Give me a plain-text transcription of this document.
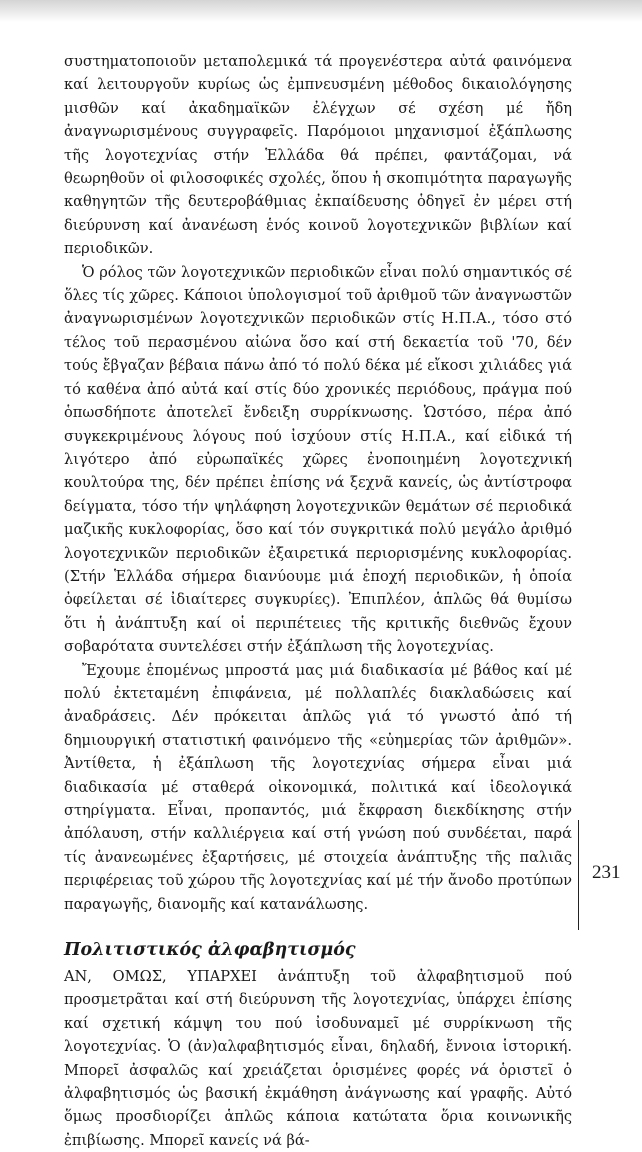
συστηματοποιοῦν μεταπολεμικά τά προγενέστερα αὐτά φαινόμενα καί λειτουργοῦν κυρίως ὡς ἐμπνευσμένη μέθοδος δικαιολόγησης μισθῶν καί ἀκαδημαϊκῶν ἐλέγχων σέ σχέση μέ ἤδη ἀναγνωρισμένους συγγραφεῖς. Παρόμοιοι μηχανισμοί ἐξάπλωσης τῆς λογοτεχνίας στήν Ἑλλάδα θά πρέπει, φαντάζομαι, νά θεωρηθοῦν οἱ φιλοσοφικές σχολές, ὅπου ἡ σκοπιμότητα παραγωγῆς καθηγητῶν τῆς δευτεροβάθμιας ἐκπαίδευσης ὁδηγεῖ ἐν μέρει στή διεύρυνση καί ἀνανέωση ἑνός κοινοῦ λογοτεχνικῶν βιβλίων καί περιοδικῶν.

Ὁ ρόλος τῶν λογοτεχνικῶν περιοδικῶν εἶναι πολύ σημαντικός σέ ὅλες τίς χῶρες. Κάποιοι ὑπολογισμοί τοῦ ἀριθμοῦ τῶν ἀναγνωστῶν ἀναγνωρισμένων λογοτεχνικῶν περιοδικῶν στίς Η.Π.Α., τόσο στό τέλος τοῦ περασμένου αἰώνα ὅσο καί στή δεκαετία τοῦ '70, δέν τούς ἔβγαζαν βέβαια πάνω ἀπό τό πολύ δέκα μέ εἴκοσι χιλιάδες γιά τό καθένα ἀπό αὐτά καί στίς δύο χρονικές περιόδους, πράγμα πού ὁπωσδήποτε ἀποτελεῖ ἔνδειξη συρρίκνωσης. Ὡστόσο, πέρα ἀπό συγκεκριμένους λόγους πού ἰσχύουν στίς Η.Π.Α., καί εἰδικά τή λιγότερο ἀπό εὐρωπαϊκές χῶρες ἐνοποιημένη λογοτεχνική κουλτούρα της, δέν πρέπει ἐπίσης νά ξεχνᾶ κανείς, ὡς ἀντίστροφα δείγματα, τόσο τήν ψηλάφηση λογοτεχνικῶν θεμάτων σέ περιοδικά μαζικῆς κυκλοφορίας, ὅσο καί τόν συγκριτικά πολύ μεγάλο ἀριθμό λογοτεχνικῶν περιοδικῶν ἐξαιρετικά περιορισμένης κυκλοφορίας. (Στήν Ἑλλάδα σήμερα διανύουμε μιά ἐποχή περιοδικῶν, ἡ ὁποία ὀφείλεται σέ ἰδιαίτερες συγκυρίες). Ἐπιπλέον, ἁπλῶς θά θυμίσω ὅτι ἡ ἀνάπτυξη καί οἱ περιπέτειες τῆς κριτικῆς διεθνῶς ἔχουν σοβαρότατα συντελέσει στήν ἐξάπλωση τῆς λογοτεχνίας.

Ἔχουμε ἑπομένως μπροστά μας μιά διαδικασία μέ βάθος καί μέ πολύ ἐκτεταμένη ἐπιφάνεια, μέ πολλαπλές διακλαδώσεις καί ἀναδράσεις. Δέν πρόκειται ἁπλῶς γιά τό γνωστό ἀπό τή δημιουργική στατιστική φαινόμενο τῆς «εὐημερίας τῶν ἀριθμῶν». Ἀντίθετα, ἡ ἐξάπλωση τῆς λογοτεχνίας σήμερα εἶναι μιά διαδικασία μέ σταθερά οἰκονομικά, πολιτικά καί ἰδεολογικά στηρίγματα. Εἶναι, προπαντός, μιά ἔκφραση διεκδίκησης στήν ἀπόλαυση, στήν καλλιέργεια καί στή γνώση πού συνδέεται, παρά τίς ἀνανεωμένες ἐξαρτήσεις, μέ στοιχεία ἀνάπτυξης τῆς παλιᾶς περιφέρειας τοῦ χώρου τῆς λογοτεχνίας καί μέ τήν ἄνοδο προτύπων παραγωγῆς, διανομῆς καί κατανάλωσης.

Πολιτιστικός ἀλφαβητισμός

ΑΝ, ΟΜΩΣ, ΥΠΑΡΧΕΙ ἀνάπτυξη τοῦ ἀλφαβητισμοῦ πού προσμετρᾶται καί στή διεύρυνση τῆς λογοτεχνίας, ὑπάρχει ἐπίσης καί σχετική κάμψη του πού ἰσοδυναμεῖ μέ συρρίκνωση τῆς λογοτεχνίας. Ὁ (ἀν)αλφαβητισμός εἶναι, δηλαδή, ἔννοια ἱστορική. Μπορεῖ ἀσφαλῶς καί χρειάζεται ὁρισμένες φορές νά ὁριστεῖ ὁ ἀλφαβητισμός ὡς βασική ἐκμάθηση ἀνάγνωσης καί γραφῆς. Αὐτό ὅμως προσδιορίζει ἁπλῶς κάποια κατώτατα ὅρια κοινωνικῆς ἐπιβίωσης. Μπορεῖ κανείς νά βά-

231
